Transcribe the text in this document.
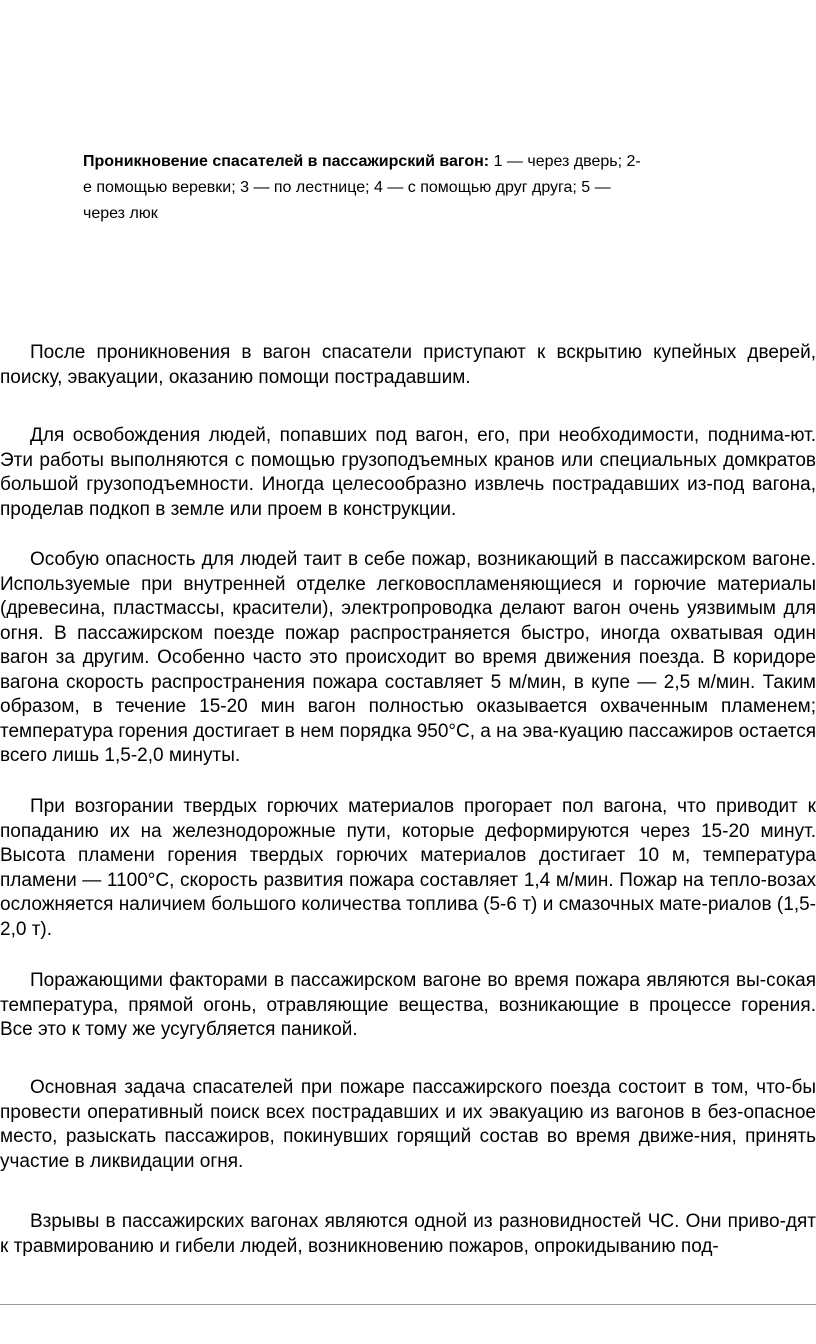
Проникновение спасателей в пассажирский вагон: 1 — через дверь; 2-е помощью веревки; 3 — по лестнице; 4 — с помощью друг друга; 5 — через люк

После проникновения в вагон спасатели приступают к вскрытию купейных дверей, поиску, эвакуации, оказанию помощи пострадавшим.

Для освобождения людей, попавших под вагон, его, при необходимости, поднима-ют. Эти работы выполняются с помощью грузоподъемных кранов или специальных домкратов большой грузоподъемности. Иногда целесообразно извлечь пострадавших из-под вагона, проделав подкоп в земле или проем в конструкции.

Особую опасность для людей таит в себе пожар, возникающий в пассажирском вагоне. Используемые при внутренней отделке легковоспламеняющиеся и горючие материалы (древесина, пластмассы, красители), электропроводка делают вагон очень уязвимым для огня. В пассажирском поезде пожар распространяется быстро, иногда охватывая один вагон за другим. Особенно часто это происходит во время движения поезда. В коридоре вагона скорость распространения пожара составляет 5 м/мин, в купе — 2,5 м/мин. Таким образом, в течение 15-20 мин вагон полностью оказывается охваченным пламенем; температура горения достигает в нем порядка 950°С, а на эва-куацию пассажиров остается всего лишь 1,5-2,0 минуты.

При возгорании твердых горючих материалов прогорает пол вагона, что приводит к попаданию их на железнодорожные пути, которые деформируются через 15-20 минут. Высота пламени горения твердых горючих материалов достигает 10 м, температура пламени — 1100°С, скорость развития пожара составляет 1,4 м/мин. Пожар на тепло-возах осложняется наличием большого количества топлива (5-6 т) и смазочных мате-риалов (1,5-2,0 т).

Поражающими факторами в пассажирском вагоне во время пожара являются вы-сокая температура, прямой огонь, отравляющие вещества, возникающие в процессе горения. Все это к тому же усугубляется паникой.

Основная задача спасателей при пожаре пассажирского поезда состоит в том, что-бы провести оперативный поиск всех пострадавших и их эвакуацию из вагонов в без-опасное место, разыскать пассажиров, покинувших горящий состав во время движе-ния, принять участие в ликвидации огня.

Взрывы в пассажирских вагонах являются одной из разновидностей ЧС. Они приво-дят к травмированию и гибели людей, возникновению пожаров, опрокидыванию под-
